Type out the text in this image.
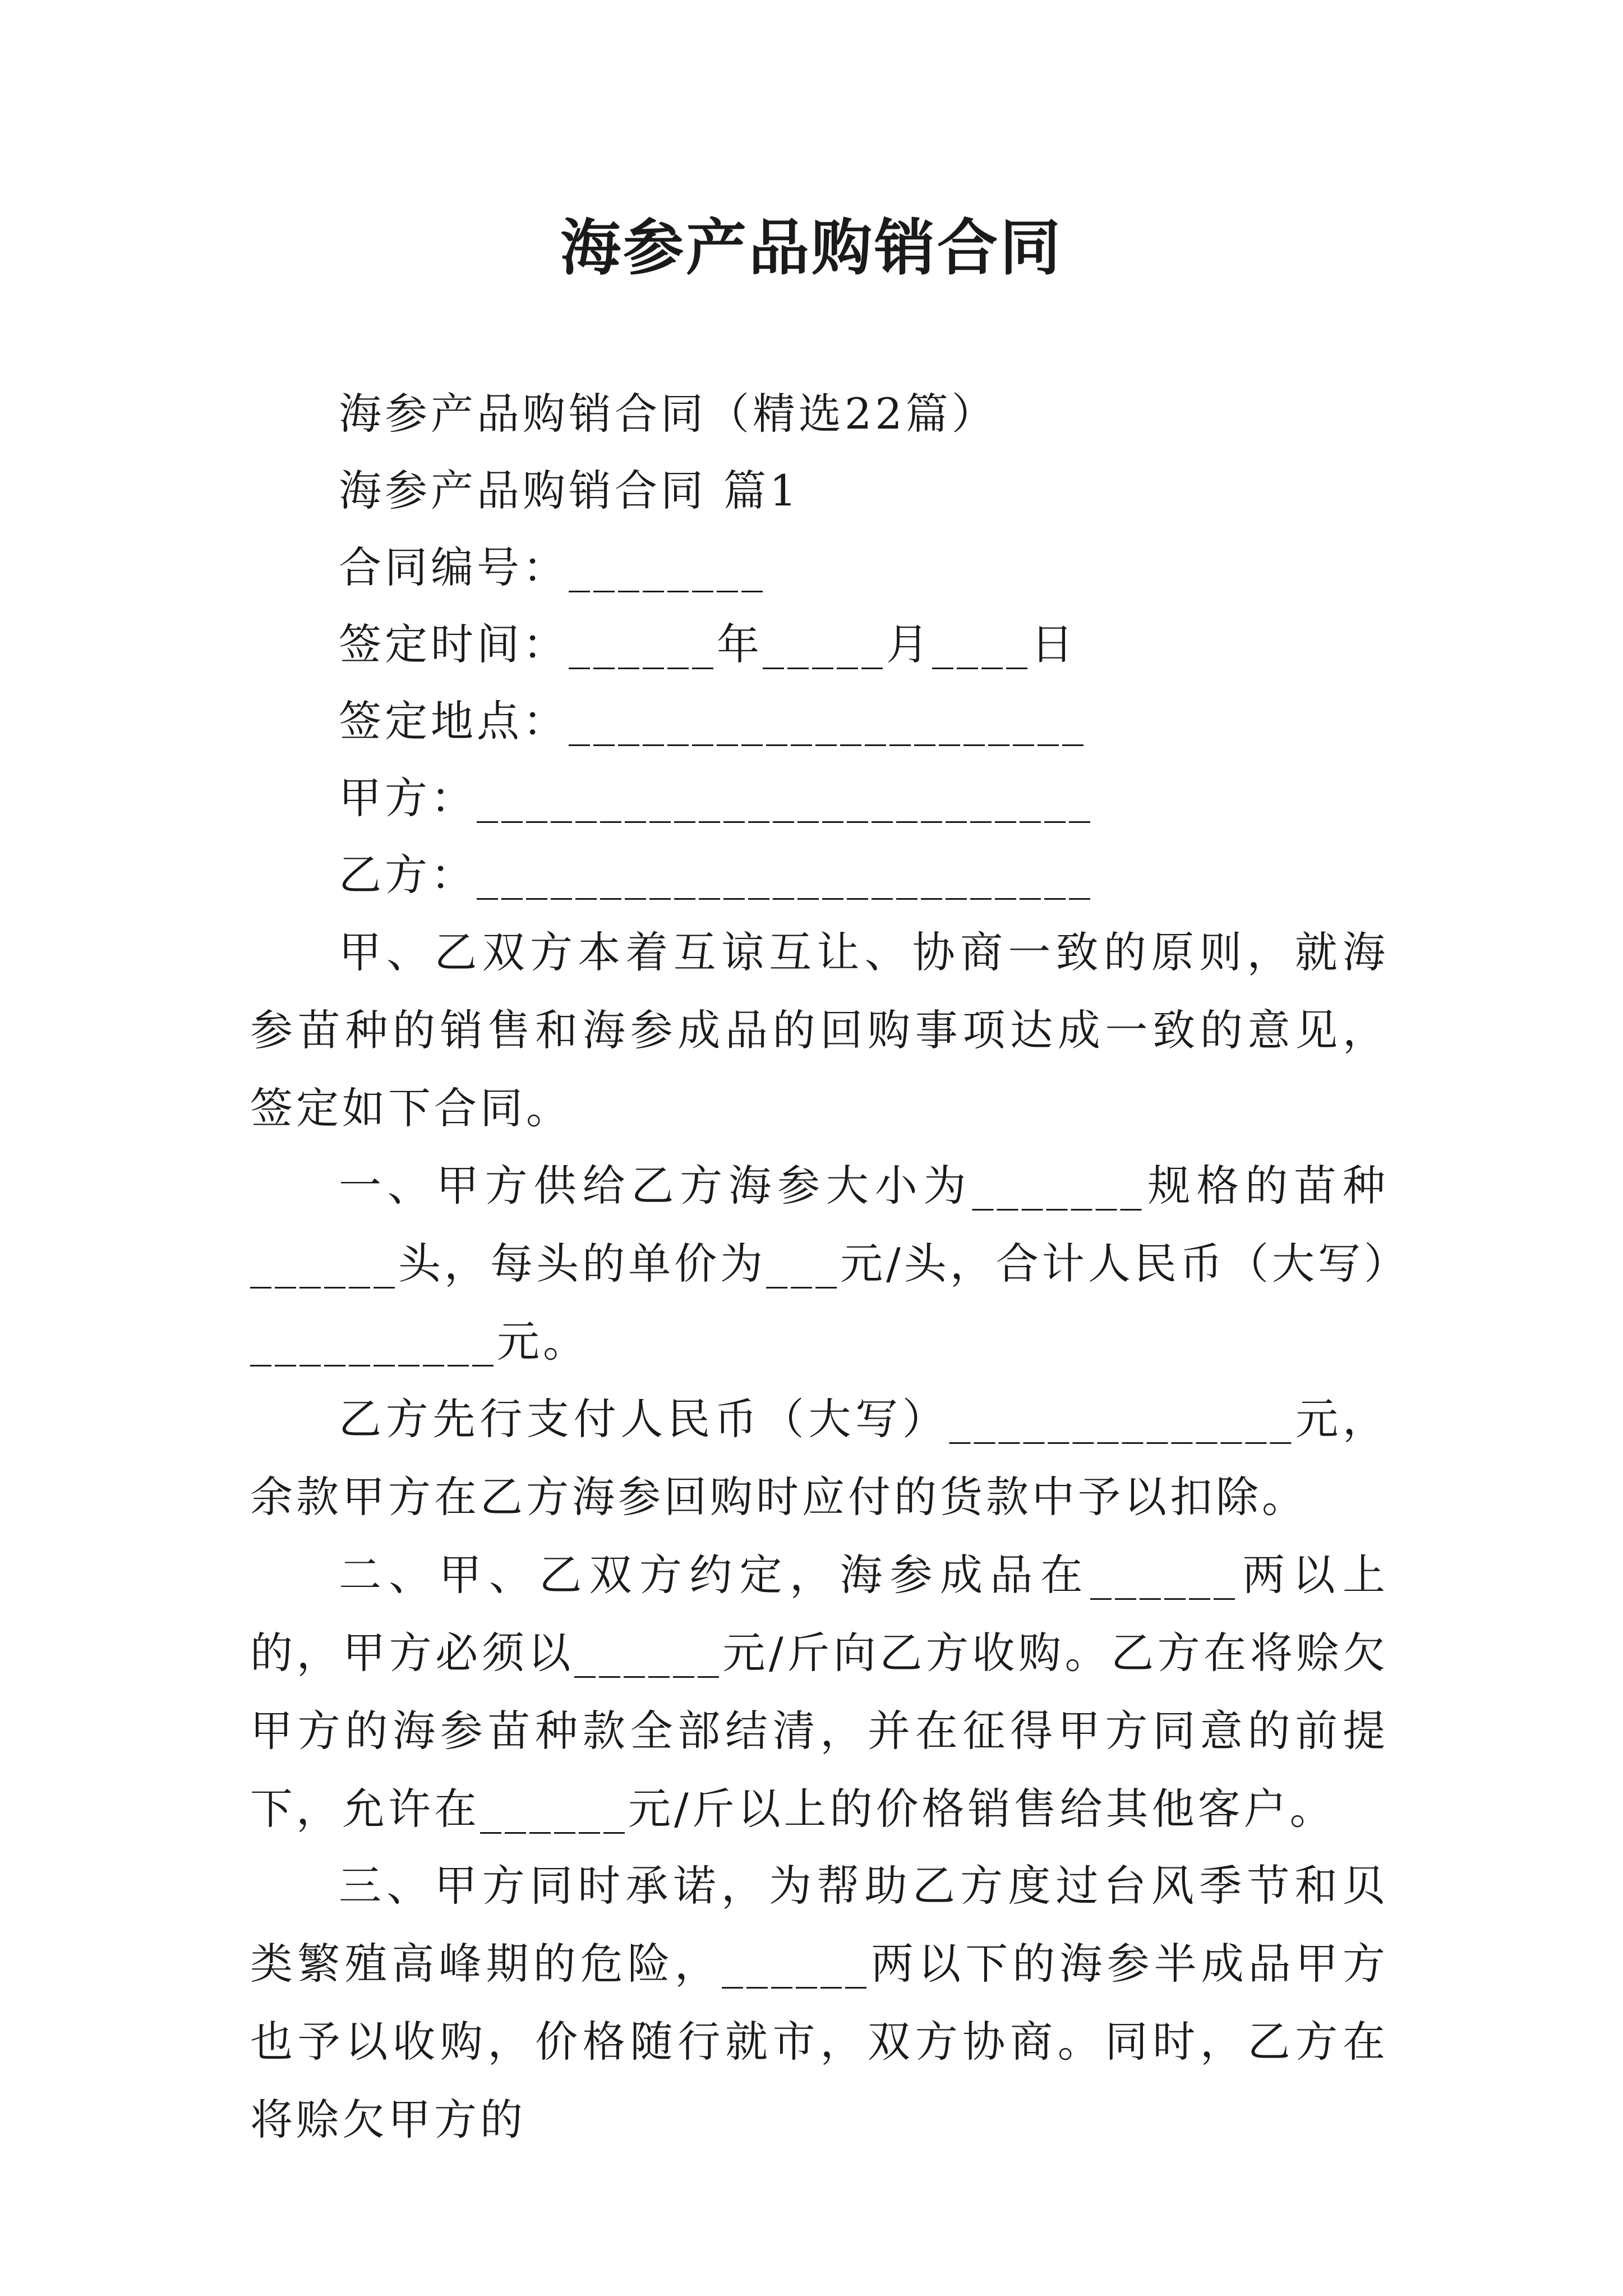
海参产品购销合同
海参产品购销合同（精选22篇）
海参产品购销合同 篇1
合同编号：________
签定时间：______年_____月____日
签定地点：_____________________
甲方：_________________________
乙方：_________________________

甲、乙双方本着互谅互让、协商一致的原则，就海参苗种的销售和海参成品的回购事项达成一致的意见，签定如下合同。

一、甲方供给乙方海参大小为_______规格的苗种______头，每头的单价为___元/头，合计人民币（大写）__________元。

乙方先行支付人民币（大写）______________元，余款甲方在乙方海参回购时应付的货款中予以扣除。

二、甲、乙双方约定，海参成品在______两以上的，甲方必须以______元/斤向乙方收购。乙方在将赊欠甲方的海参苗种款全部结清，并在征得甲方同意的前提下，允许在______元/斤以上的价格销售给其他客户。

三、甲方同时承诺，为帮助乙方度过台风季节和贝类繁殖高峰期的危险，______两以下的海参半成品甲方也予以收购，价格随行就市，双方协商。同时，乙方在将赊欠甲方的
